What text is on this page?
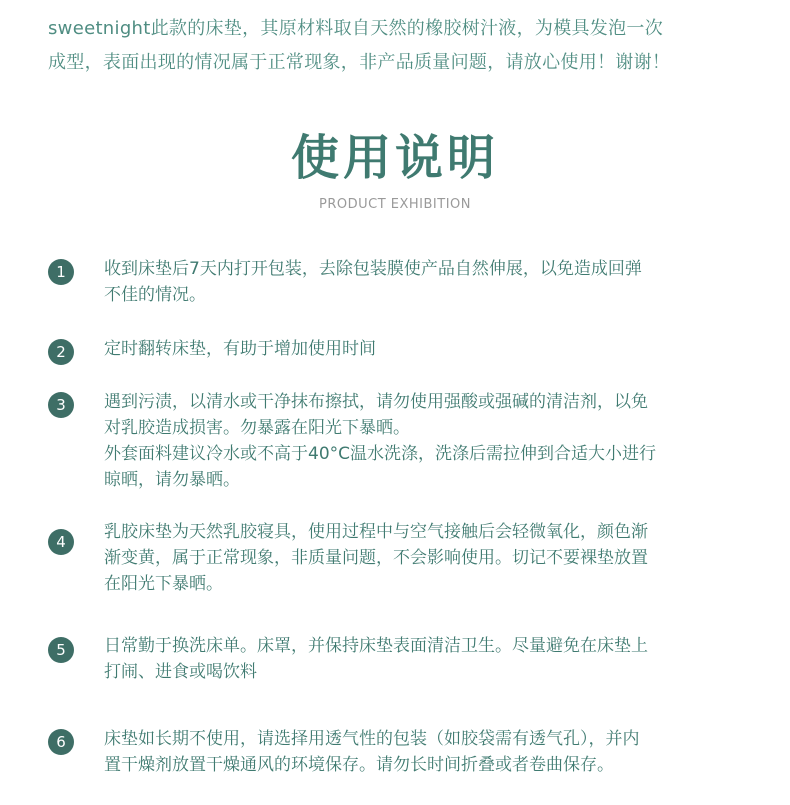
sweetnight此款的床垫，其原材料取自天然的橡胶树汁液，为模具发泡一次
成型，表面出现的情况属于正常现象，非产品质量问题，请放心使用！谢谢！
使用说明
PRODUCT EXHIBITION
1	收到床垫后7天内打开包装，去除包装膜使产品自然伸展，以免造成回弹
不佳的情况。
2	定时翻转床垫，有助于增加使用时间
3	遇到污渍，以清水或干净抹布擦拭，请勿使用强酸或强碱的清洁剂，以免
对乳胶造成损害。勿暴露在阳光下暴晒。
外套面料建议冷水或不高于40°C温水洗涤，洗涤后需拉伸到合适大小进行
晾晒，请勿暴晒。
4	乳胶床垫为天然乳胶寝具，使用过程中与空气接触后会轻微氧化，颜色渐
渐变黄，属于正常现象，非质量问题，不会影响使用。切记不要裸垫放置
在阳光下暴晒。
5	日常勤于换洗床单。床罩，并保持床垫表面清洁卫生。尽量避免在床垫上
打闹、进食或喝饮料
6	床垫如长期不使用，请选择用透气性的包装（如胶袋需有透气孔），并内
置干燥剂放置干燥通风的环境保存。请勿长时间折叠或者卷曲保存。
